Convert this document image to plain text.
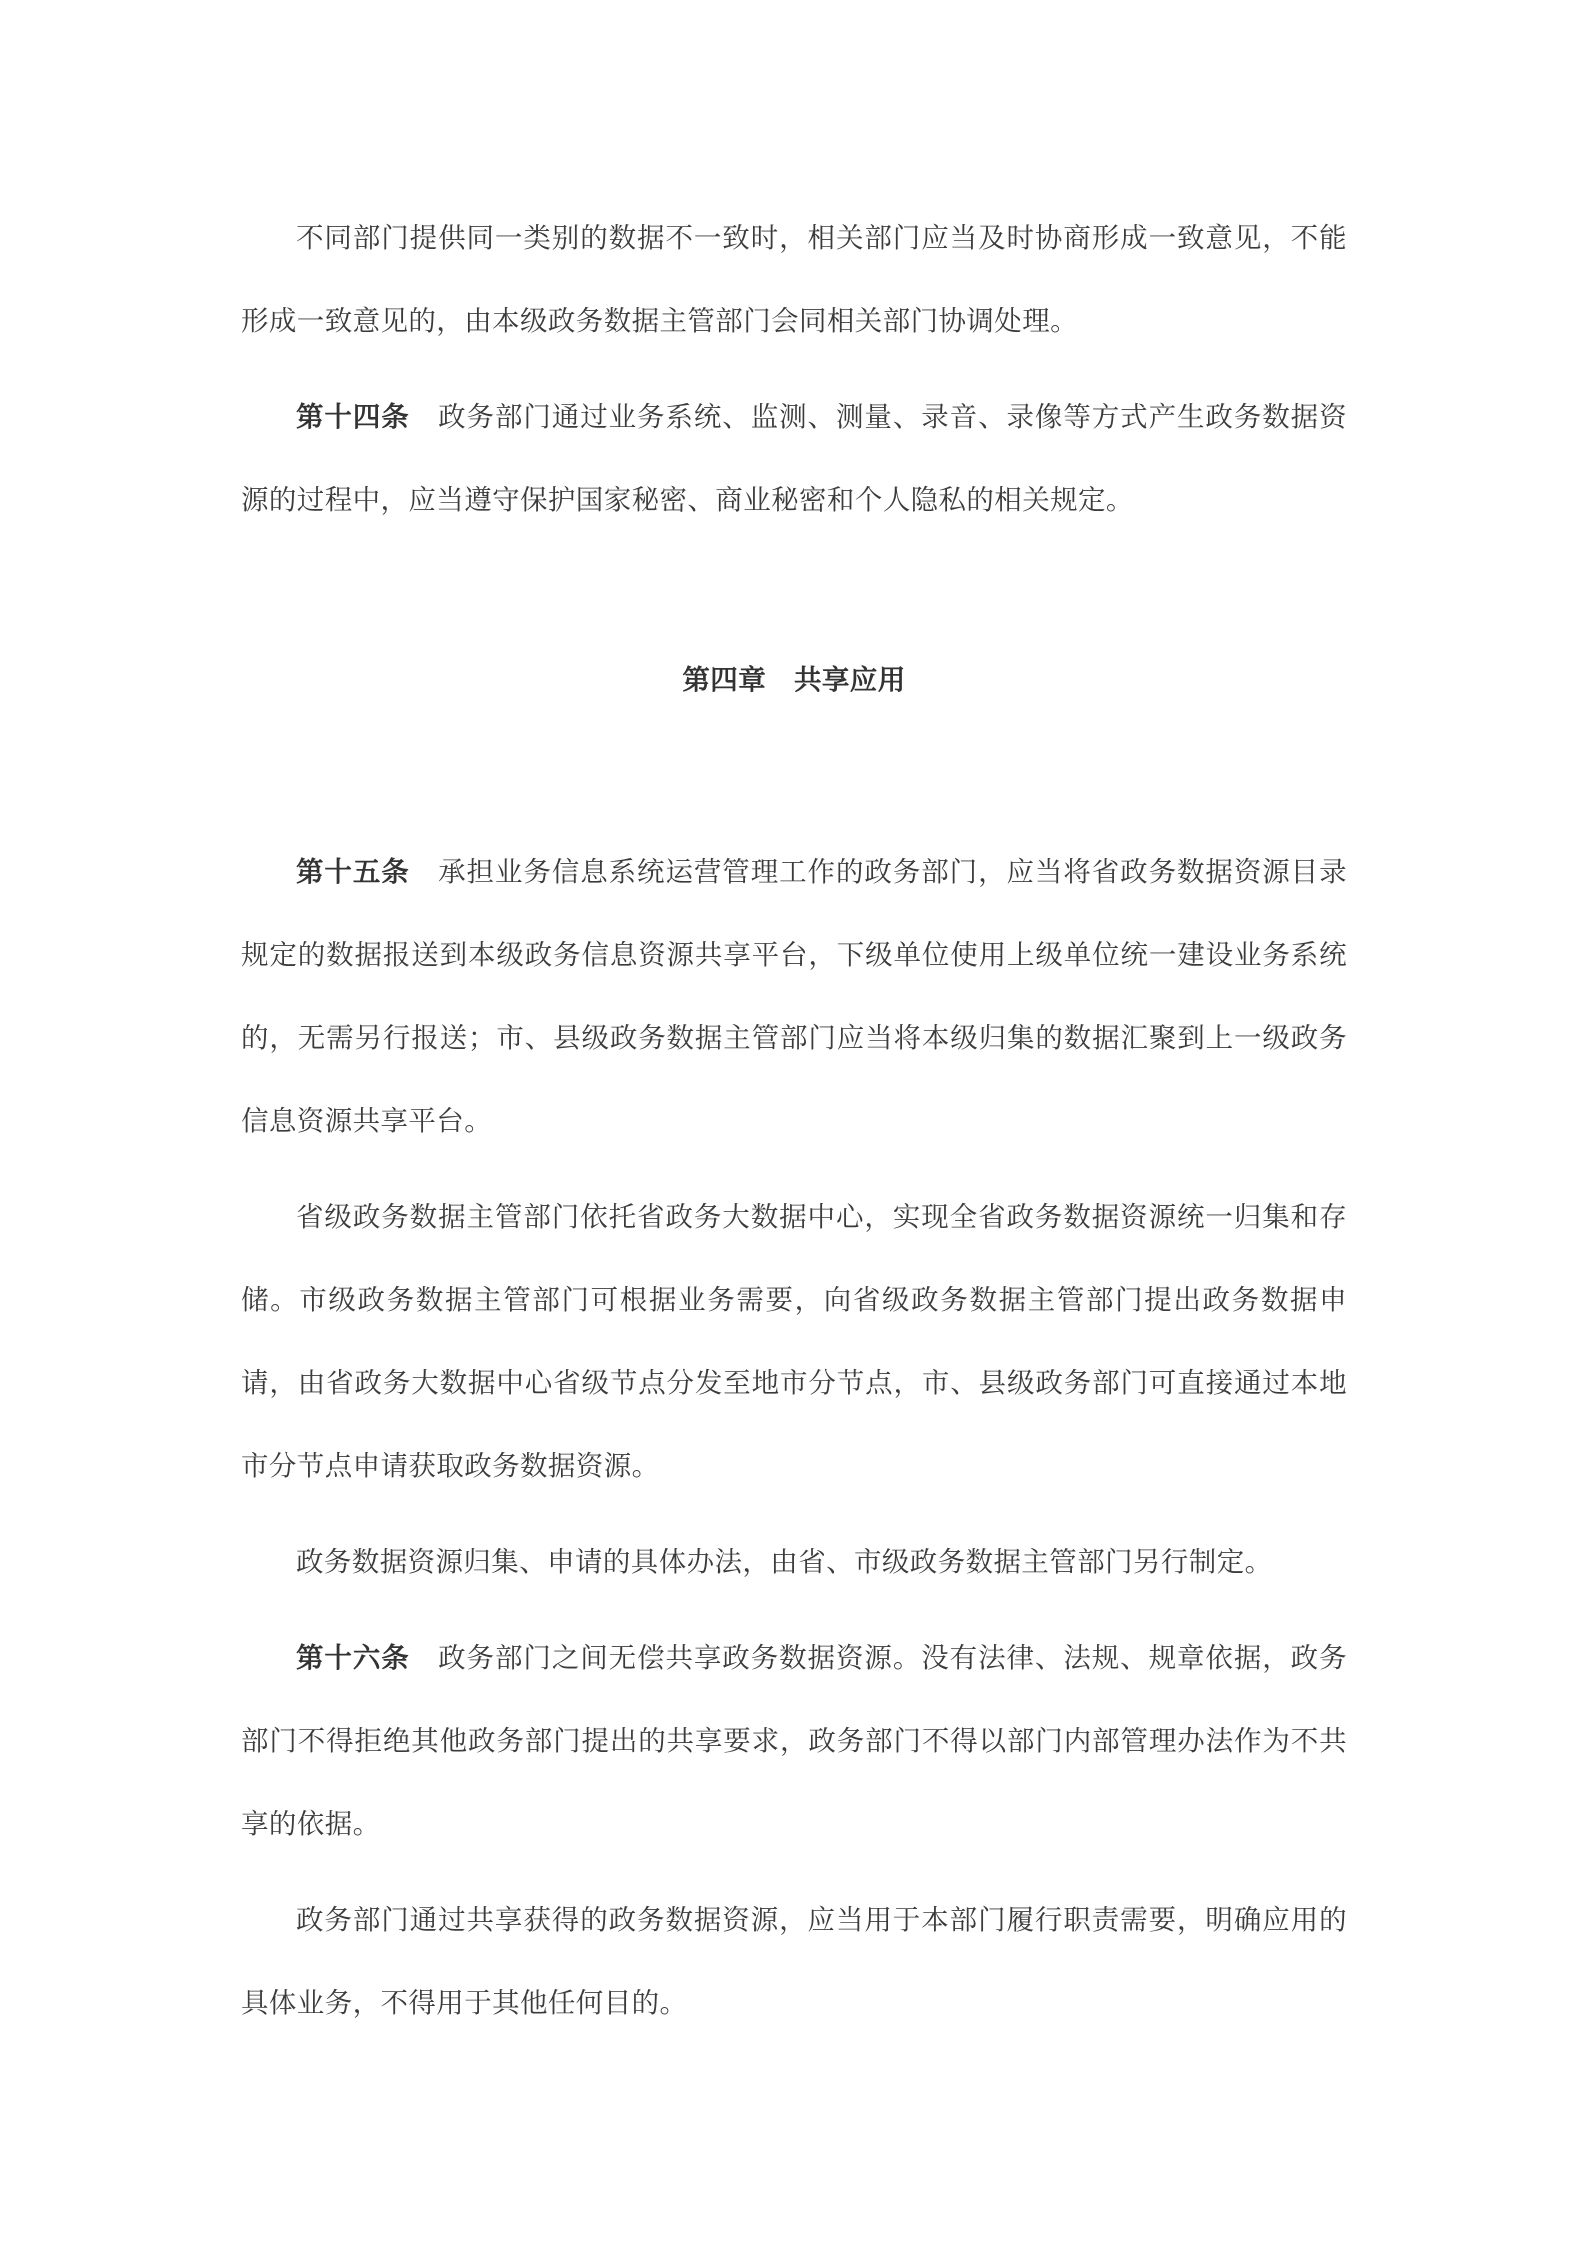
不同部门提供同一类别的数据不一致时，相关部门应当及时协商形成一致意见，不能形成一致意见的，由本级政务数据主管部门会同相关部门协调处理。

第十四条　 政务部门通过业务系统、监测、测量、录音、录像等方式产生政务数据资源的过程中，应当遵守保护国家秘密、商业秘密和个人隐私的相关规定。

第四章　 共享应用

第十五条　 承担业务信息系统运营管理工作的政务部门，应当将省政务数据资源目录规定的数据报送到本级政务信息资源共享平台，下级单位使用上级单位统一建设业务系统的，无需另行报送；市、县级政务数据主管部门应当将本级归集的数据汇聚到上一级政务信息资源共享平台。

省级政务数据主管部门依托省政务大数据中心，实现全省政务数据资源统一归集和存储。市级政务数据主管部门可根据业务需要，向省级政务数据主管部门提出政务数据申请，由省政务大数据中心省级节点分发至地市分节点，市、县级政务部门可直接通过本地市分节点申请获取政务数据资源。

政务数据资源归集、申请的具体办法，由省、市级政务数据主管部门另行制定。

第十六条　 政务部门之间无偿共享政务数据资源。没有法律、法规、规章依据，政务部门不得拒绝其他政务部门提出的共享要求，政务部门不得以部门内部管理办法作为不共享的依据。

政务部门通过共享获得的政务数据资源，应当用于本部门履行职责需要，明确应用的具体业务，不得用于其他任何目的。
